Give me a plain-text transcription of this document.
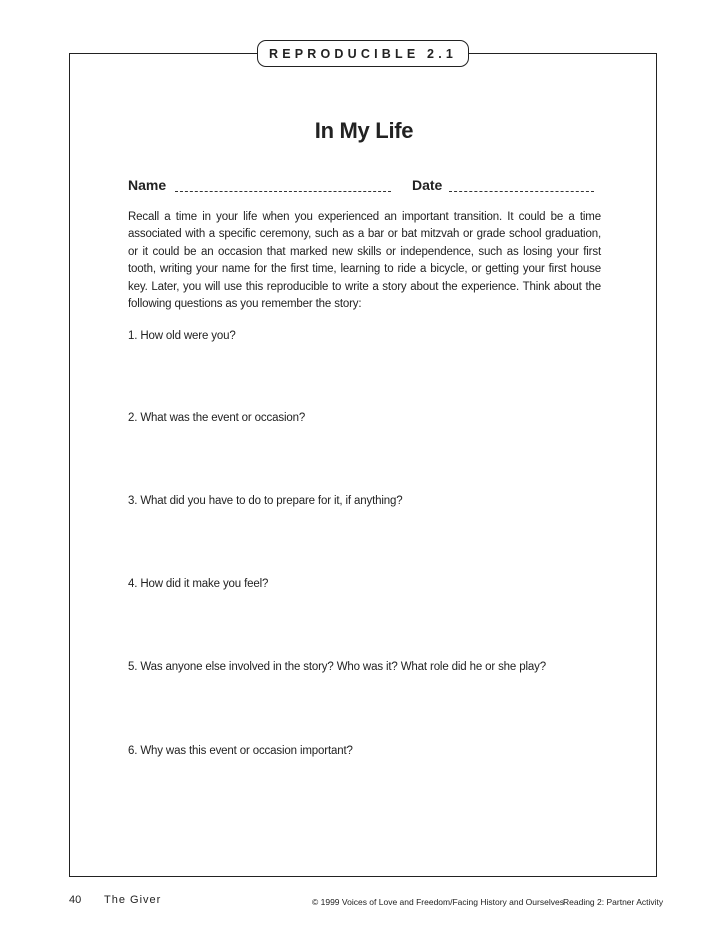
REPRODUCIBLE 2.1
In My Life
Name	Date
Recall a time in your life when you experienced an important transition. It could be a time associated with a specific ceremony, such as a bar or bat mitzvah or grade school graduation, or it could be an occasion that marked new skills or independence, such as losing your first tooth, writing your name for the first time, learning to ride a bicycle, or getting your first house key. Later, you will use this reproducible to write a story about the experience. Think about the following questions as you remember the story:
1. How old were you?
2. What was the event or occasion?
3. What did you have to do to prepare for it, if anything?
4. How did it make you feel?
5. Was anyone else involved in the story? Who was it? What role did he or she play?
6. Why was this event or occasion important?
40 The Giver	© 1999 Voices of Love and Freedom/Facing History and Ourselves Reading 2: Partner Activity
